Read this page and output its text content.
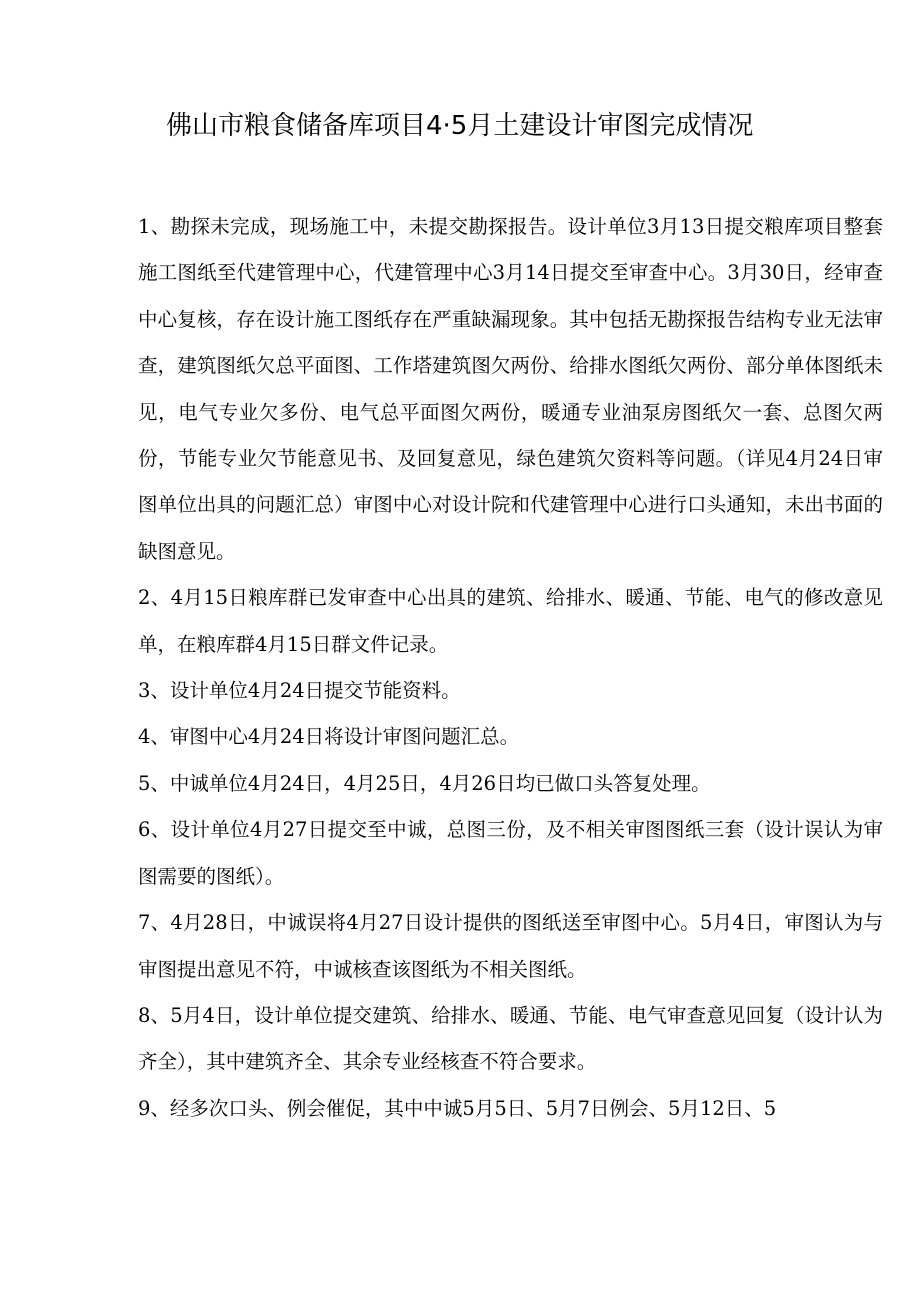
佛山市粮食储备库项目4·5月土建设计审图完成情况

1、勘探未完成，现场施工中，未提交勘探报告。设计单位3月13日提交粮库项目整套施工图纸至代建管理中心，代建管理中心3月14日提交至审查中心。3月30日，经审查中心复核，存在设计施工图纸存在严重缺漏现象。其中包括无勘探报告结构专业无法审查，建筑图纸欠总平面图、工作塔建筑图欠两份、给排水图纸欠两份、部分单体图纸未见，电气专业欠多份、电气总平面图欠两份，暖通专业油泵房图纸欠一套、总图欠两份，节能专业欠节能意见书、及回复意见，绿色建筑欠资料等问题。（详见4月24日审图单位出具的问题汇总）审图中心对设计院和代建管理中心进行口头通知，未出书面的缺图意见。

2、4月15日粮库群已发审查中心出具的建筑、给排水、暖通、节能、电气的修改意见单，在粮库群4月15日群文件记录。

3、设计单位4月24日提交节能资料。

4、审图中心4月24日将设计审图问题汇总。

5、中诚单位4月24日，4月25日，4月26日均已做口头答复处理。

6、设计单位4月27日提交至中诚，总图三份，及不相关审图图纸三套（设计误认为审图需要的图纸）。

7、4月28日，中诚误将4月27日设计提供的图纸送至审图中心。5月4日，审图认为与审图提出意见不符，中诚核查该图纸为不相关图纸。

8、5月4日，设计单位提交建筑、给排水、暖通、节能、电气审查意见回复（设计认为齐全），其中建筑齐全、其余专业经核查不符合要求。

9、经多次口头、例会催促，其中中诚5月5日、5月7日例会、5月12日、5
